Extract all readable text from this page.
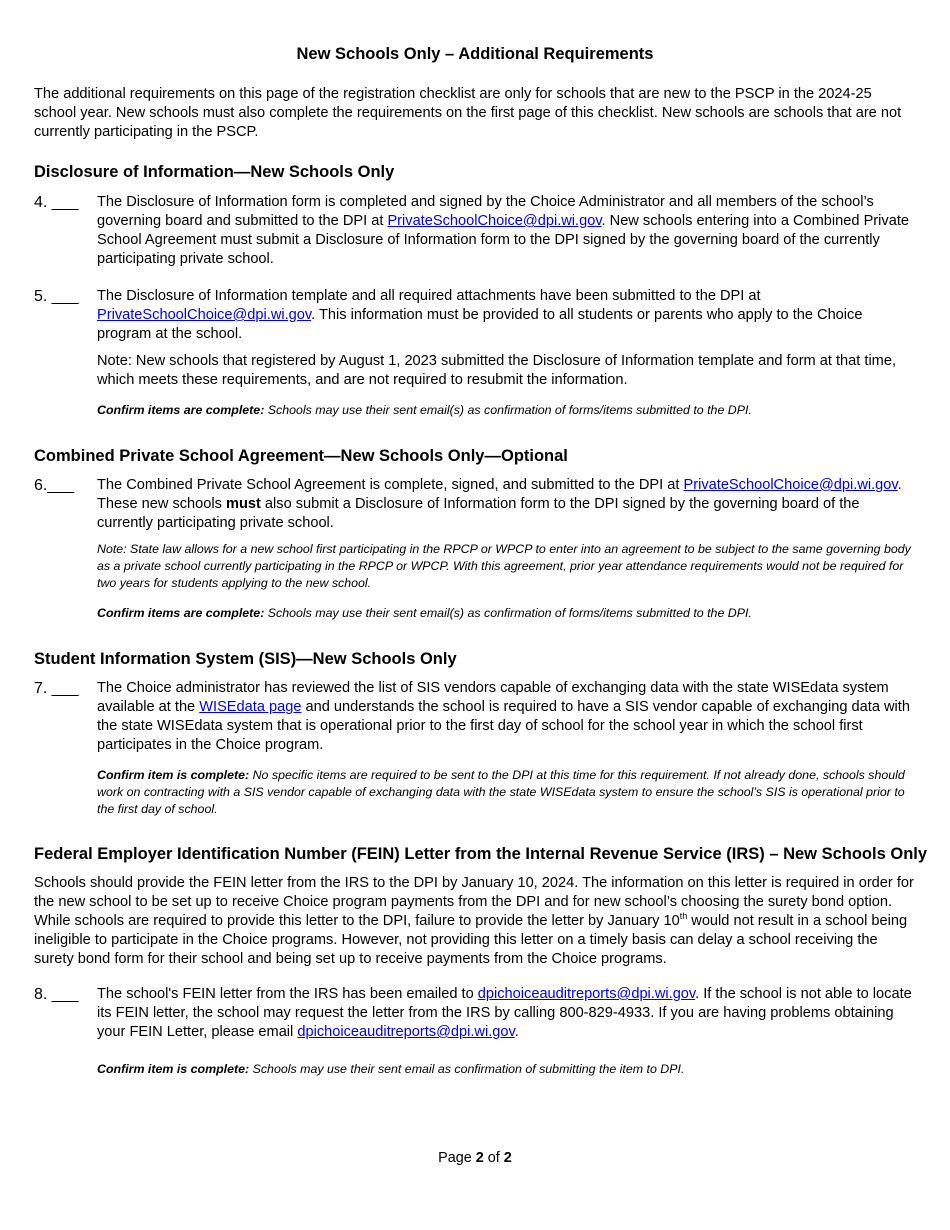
New Schools Only – Additional Requirements
The additional requirements on this page of the registration checklist are only for schools that are new to the PSCP in the 2024-25 school year. New schools must also complete the requirements on the first page of this checklist. New schools are schools that are not currently participating in the PSCP.
Disclosure of Information—New Schools Only
4. ___ The Disclosure of Information form is completed and signed by the Choice Administrator and all members of the school’s governing board and submitted to the DPI at PrivateSchoolChoice@dpi.wi.gov. New schools entering into a Combined Private School Agreement must submit a Disclosure of Information form to the DPI signed by the governing board of the currently participating private school.
5. ___ The Disclosure of Information template and all required attachments have been submitted to the DPI at PrivateSchoolChoice@dpi.wi.gov. This information must be provided to all students or parents who apply to the Choice program at the school.
Note: New schools that registered by August 1, 2023 submitted the Disclosure of Information template and form at that time, which meets these requirements, and are not required to resubmit the information.
Confirm items are complete: Schools may use their sent email(s) as confirmation of forms/items submitted to the DPI.
Combined Private School Agreement—New Schools Only—Optional
6.___ The Combined Private School Agreement is complete, signed, and submitted to the DPI at PrivateSchoolChoice@dpi.wi.gov. These new schools must also submit a Disclosure of Information form to the DPI signed by the governing board of the currently participating private school.
Note: State law allows for a new school first participating in the RPCP or WPCP to enter into an agreement to be subject to the same governing body as a private school currently participating in the RPCP or WPCP. With this agreement, prior year attendance requirements would not be required for two years for students applying to the new school.
Confirm items are complete: Schools may use their sent email(s) as confirmation of forms/items submitted to the DPI.
Student Information System (SIS)—New Schools Only
7. ___ The Choice administrator has reviewed the list of SIS vendors capable of exchanging data with the state WISEdata system available at the WISEdata page and understands the school is required to have a SIS vendor capable of exchanging data with the state WISEdata system that is operational prior to the first day of school for the school year in which the school first participates in the Choice program.
Confirm item is complete: No specific items are required to be sent to the DPI at this time for this requirement. If not already done, schools should work on contracting with a SIS vendor capable of exchanging data with the state WISEdata system to ensure the school’s SIS is operational prior to the first day of school.
Federal Employer Identification Number (FEIN) Letter from the Internal Revenue Service (IRS) – New Schools Only
Schools should provide the FEIN letter from the IRS to the DPI by January 10, 2024. The information on this letter is required in order for the new school to be set up to receive Choice program payments from the DPI and for new school’s choosing the surety bond option. While schools are required to provide this letter to the DPI, failure to provide the letter by January 10th would not result in a school being ineligible to participate in the Choice programs. However, not providing this letter on a timely basis can delay a school receiving the surety bond form for their school and being set up to receive payments from the Choice programs.
8. ___ The school's FEIN letter from the IRS has been emailed to dpichoiceauditreports@dpi.wi.gov. If the school is not able to locate its FEIN letter, the school may request the letter from the IRS by calling 800-829-4933. If you are having problems obtaining your FEIN Letter, please email dpichoiceauditreports@dpi.wi.gov.
Confirm item is complete: Schools may use their sent email as confirmation of submitting the item to DPI.
Page 2 of 2
